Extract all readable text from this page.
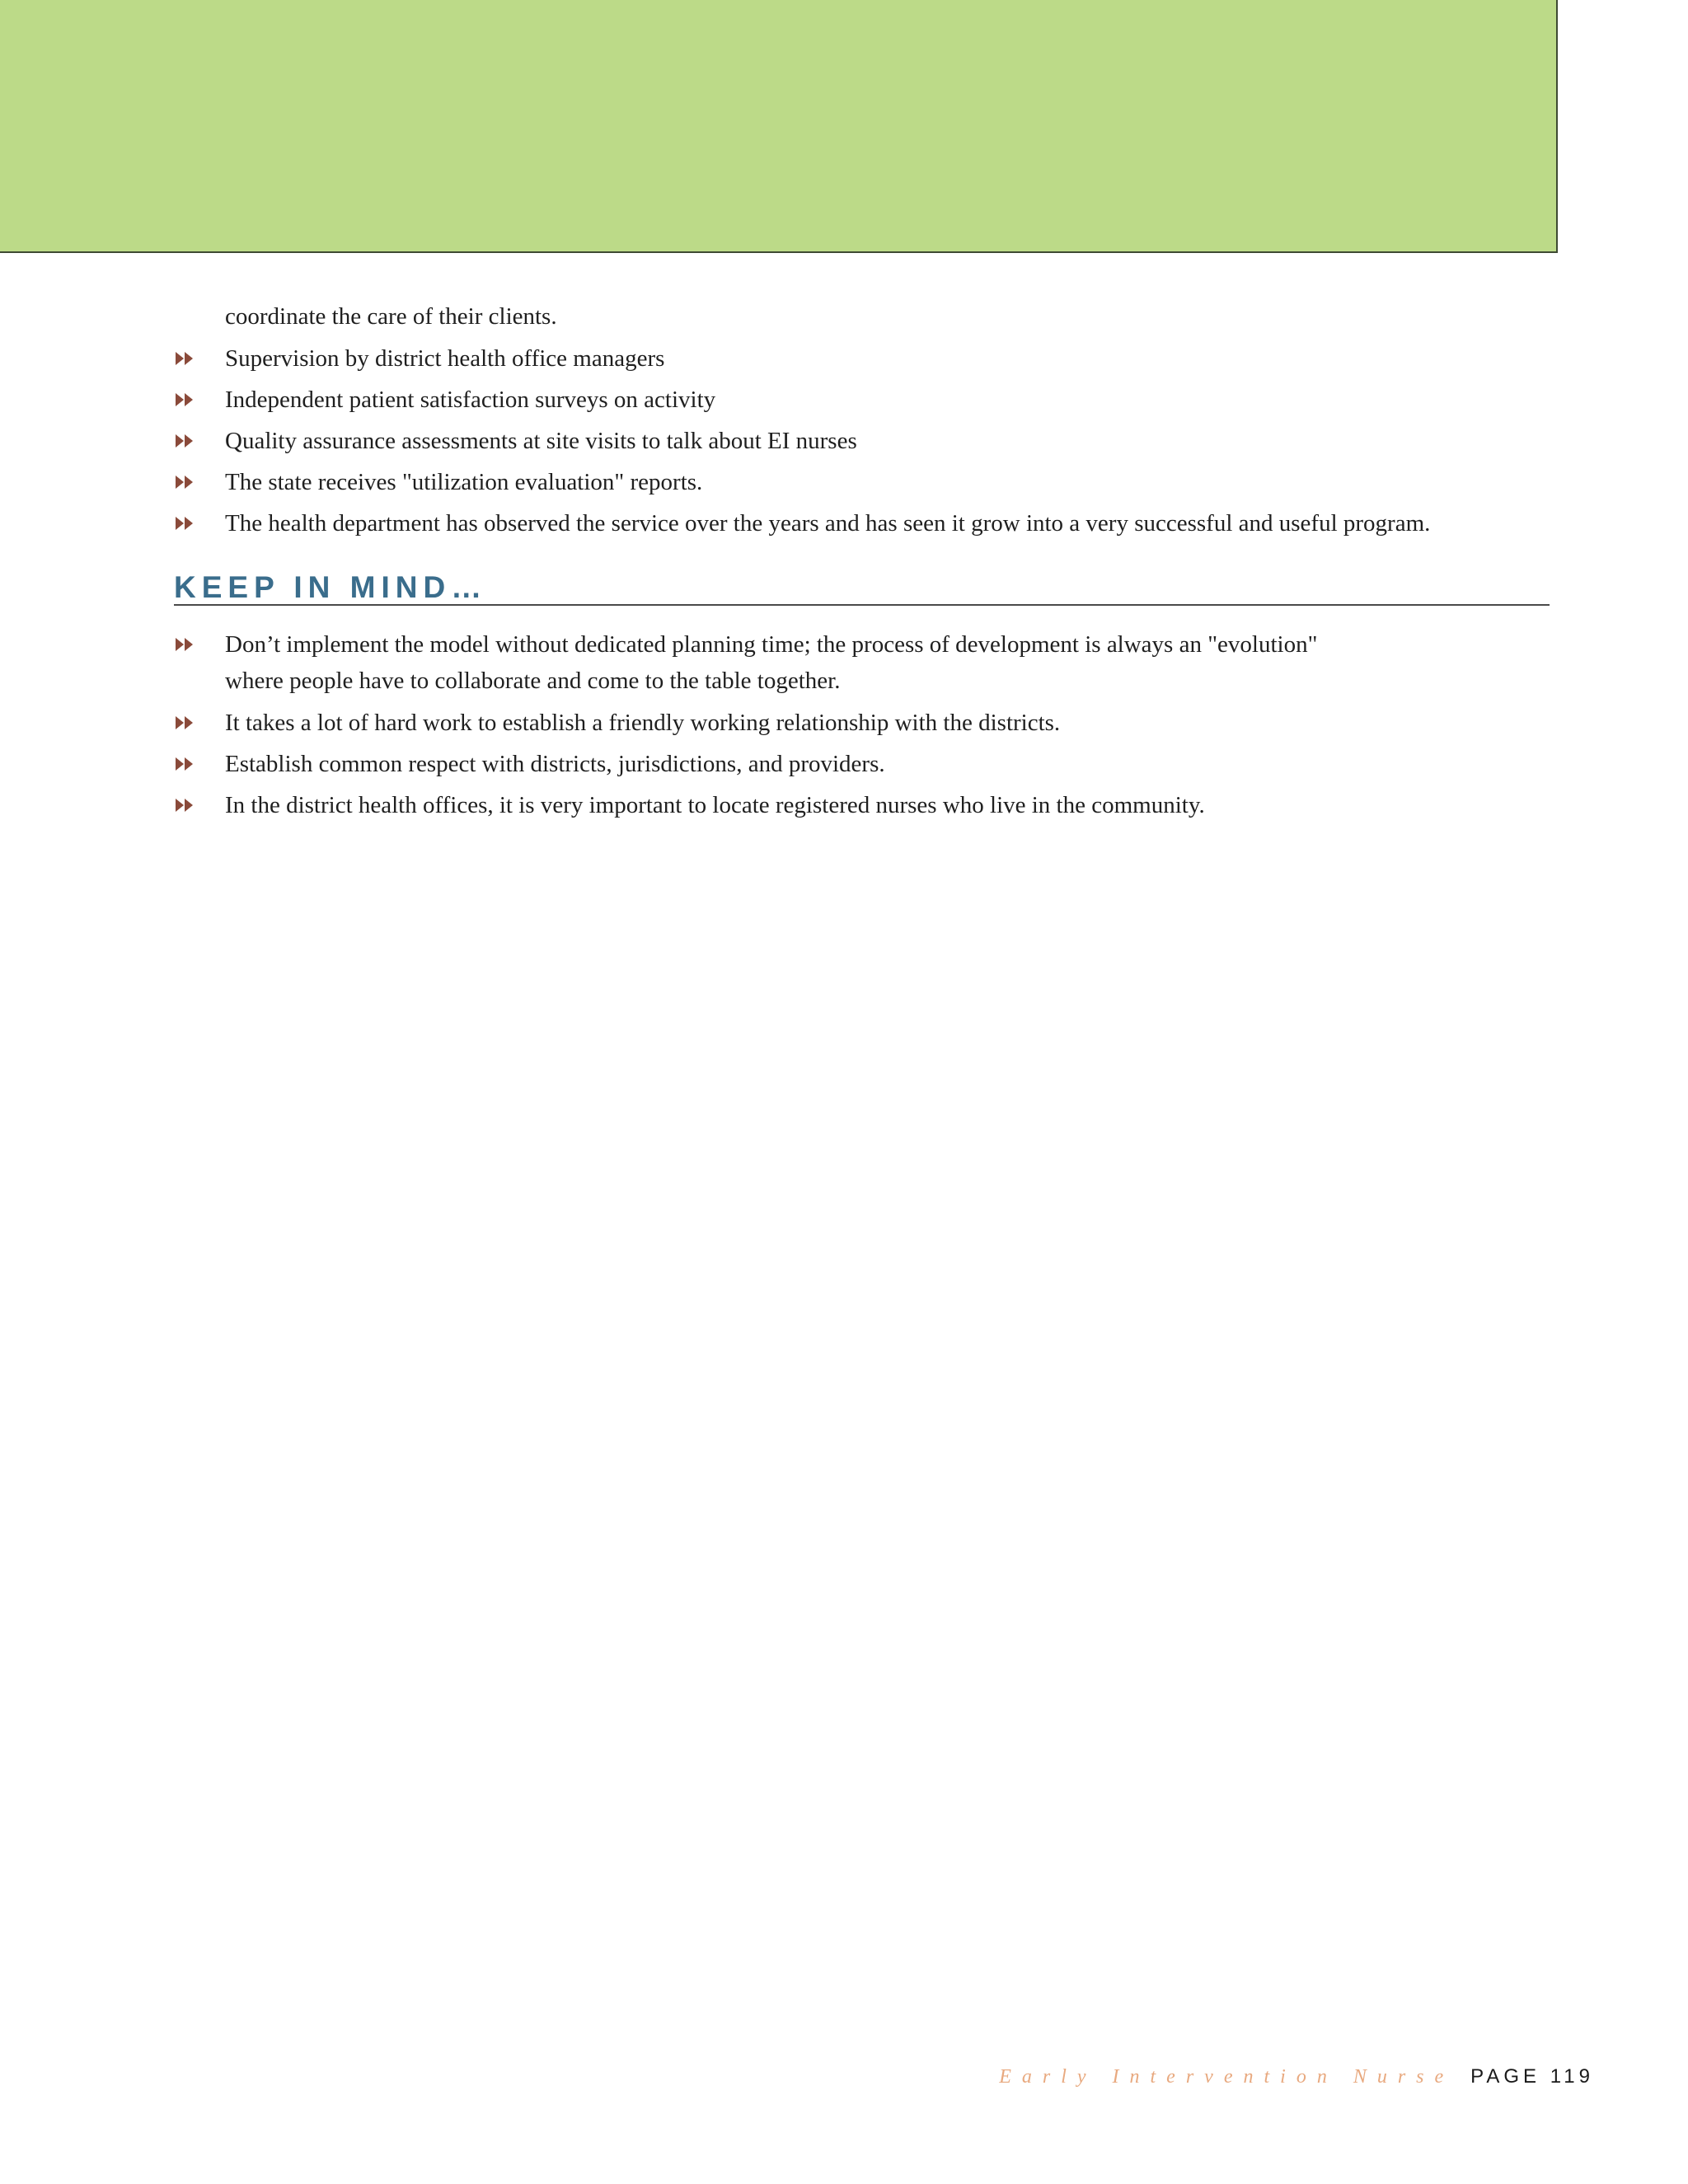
coordinate the care of their clients.
Supervision by district health office managers
Independent patient satisfaction surveys on activity
Quality assurance assessments at site visits to talk about EI nurses
The state receives "utilization evaluation" reports.
The health department has observed the service over the years and has seen it grow into a very successful and useful program.
KEEP IN MIND…
Don’t implement the model without dedicated planning time; the process of development is always an "evolution"
where people have to collaborate and come to the table together.
It takes a lot of hard work to establish a friendly working relationship with the districts.
Establish common respect with districts, jurisdictions, and providers.
In the district health offices, it is very important to locate registered nurses who live in the community.
Early Intervention Nurse PAGE 119
